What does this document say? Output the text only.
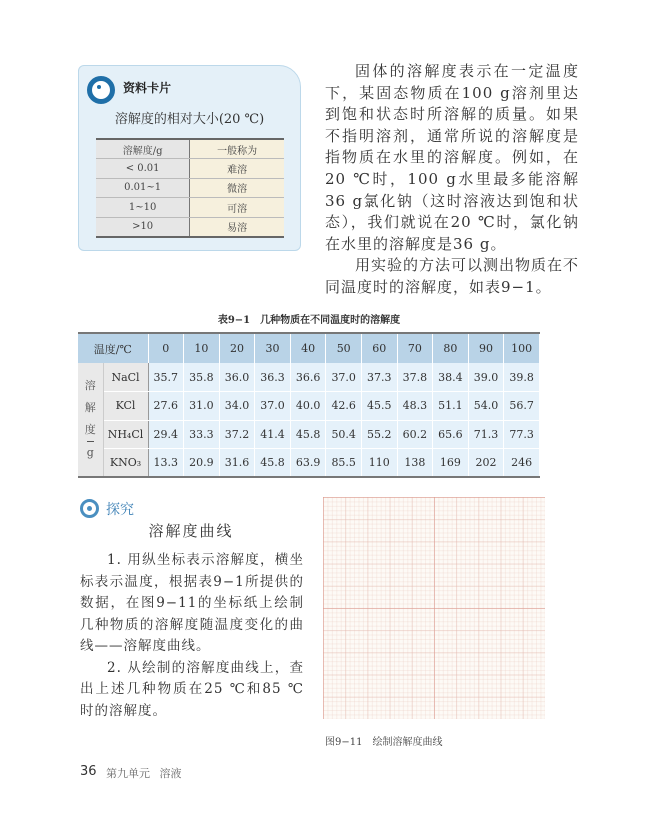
资料卡片
溶解度的相对大小(20 ℃)
溶解度/g	一般称为
< 0.01	难溶
0.01~1	微溶
1~10	可溶
>10	易溶

固体的溶解度表示在一定温度下，某固态物质在100 g溶剂里达到饱和状态时所溶解的质量。如果不指明溶剂，通常所说的溶解度是指物质在水里的溶解度。例如，在20 ℃时，100 g水里最多能溶解36 g氯化钠（这时溶液达到饱和状态），我们就说在20 ℃时，氯化钠在水里的溶解度是36 g。

用实验的方法可以测出物质在不同温度时的溶解度，如表9−1。

表9−1　几种物质在不同温度时的溶解度
温度/℃		0	10	20	30	40	50	60	70	80	90	100

溶
解
度
g	NaCl	35.7	35.8	36.0	36.3	36.6	37.0	37.3	37.8	38.4	39.0	39.8
	KCl	27.6	31.0	34.0	37.0	40.0	42.6	45.5	48.3	51.1	54.0	56.7
	NH₄Cl	29.4	33.3	37.2	41.4	45.8	50.4	55.2	60.2	65.6	71.3	77.3
	KNO₃	13.3	20.9	31.6	45.8	63.9	85.5	110	138	169	202	246
探究
溶解度曲线

1. 用纵坐标表示溶解度，横坐标表示温度，根据表9−1所提供的数据，在图9−11的坐标纸上绘制几种物质的溶解度随温度变化的曲线——溶解度曲线。

2. 从绘制的溶解度曲线上，查出上述几种物质在25 ℃和85 ℃时的溶解度。

图9−11　绘制溶解度曲线
36 第九单元 溶液
